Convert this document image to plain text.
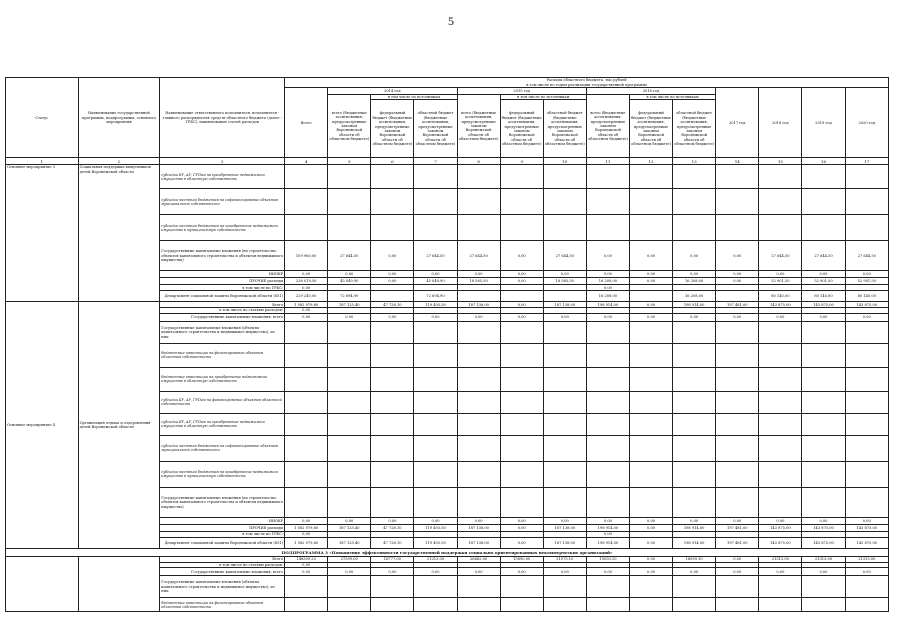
5
Статус	Наименование государственной программы, подпрограммы, основного мероприятия	Наименование ответственного исполнителя, исполнителя - главного распорядителя средств областного бюджета (далее - ГРБС), наименование статей расходов	Расходы областного бюджета, тыс.рублей
в том числе по годам реализации государственной программы													
			Всего	2014 год			2015 год			2016 год			2017 год	2018 год	2019 год	2020 год
				всего (бюджетные ассигнования, предусмотренные законом Воронежской области об областном бюджете)	в том числе по источникам		всего (бюджетные ассигнования, предусмотренные законом Воронежской области об областном бюджете)	в том числе по источникам		всего (бюджетные ассигнования, предусмотренные законом Воронежской области об областном бюджете)	в том числе по источникам					
					федеральный бюджет (бюджетные ассигнования, предусмотренные законом Воронежской области об областном бюджете)	областной бюджет (бюджетные ассигнования, предусмотренные законом Воронежской области об областном бюджете)		федеральный бюджет (бюджетные ассигнования, предусмотренные законом Воронежской области об областном бюджете)	областной бюджет (бюджетные ассигнования, предусмотренные законом Воронежской области об областном бюджете)		федеральный бюджет (бюджетные ассигнования, предусмотренные законом Воронежской области об областном бюджете)	областной бюджет (бюджетные ассигнования, предусмотренные законом Воронежской области об областном бюджете)				
1	2	3	4	5	6	7	8	9	10	11	12	13	14	15	16	17
Основное мероприятие 3	Социальная поддержка выпускников детей Воронежской области	субсидии БУ, АУ, ГУПам на приобретение недвижимого имущества в областную собственность														
		субсидии местным бюджетам на софинансирование объектов муниципальной собственности														
		субсидии местным бюджетам на приобретение недвижимого имущества в муниципальную собственность														
		Государственные капитальные вложения (на строительство объектов капитального строительства и объектов недвижимого имущества)	109 980,00	27 644,50	0,00	27 644,50	27 644,50	0,00	27 644,50	0,00	0,00	0,00	0,00	27 644,50	27 644,50	27 644,50
		НИОКР	0,00	0,00	0,00	0,00	0,00	0,00	0,00	0,00	0,00	0,00	0,00	0,00	0,00	0,00
		ПРОЧИЕ расходы	236 019,50	45 049,90	0,00	45 049,90	18 565,50	0,00	18 565,50	16 208,00	0,00	16 208,00	0,00	52 901,50	52 901,50	52 901,50
		в том числе по ГРБС:	0,00							0,00						
		Департамент социальной защиты Воронежской области (851)	229 240,00	72 694,90		72 694,90				16 208,00		16 208,00		80 140,00	80 140,00	80 140,00
Основное мероприятие 4	Организация отдыха и оздоровления детей Воронежской области	Всего	1 582 979,60	187 125,40	47 728,10	119 493,50	187 138,00	0,00	187 138,00	198 914,00	0,00	198 914,00	197 481,00	143 875,00	143 875,00	143 875,00
		в том числе по статьям расходов:	0,00													
		Государственные капитальные вложения, всего	0,00	0,00	0,00	0,00	0,00	0,00	0,00	0,00	0,00	0,00	0,00	0,00	0,00	0,00
		Государственные капитальные вложения (объекты капитального строительства и недвижимое имущество), из них:														
		бюджетные инвестиции на финансирование объектов областной собственности														
		бюджетные инвестиции на приобретение недвижимого имущества в областную собственность														
		субсидии БУ, АУ, ГУПам на финансирование объектов областной собственности														
		субсидии БУ, АУ, ГУПам на приобретение недвижимого имущества в областную собственность														
		субсидии местным бюджетам на софинансирование объектов муниципальной собственности														
		субсидии местным бюджетам на приобретение недвижимого имущества в муниципальную собственность														
		Государственные капитальные вложения (на строительство объектов капитального строительства и объектов недвижимого имущества)														
		НИОКР	0,00	0,00	0,00	0,00	0,00	0,00	0,00	0,00	0,00	0,00	0,00	0,00	0,00	0,00
		ПРОЧИЕ расходы	1 582 979,60	187 125,40	47 728,10	119 493,50	187 138,00	0,00	187 138,00	198 914,00	0,00	198 914,00	197 481,00	143 875,00	143 875,00	143 875,00
		в том числе по ГРБС:	0,00							0,00						
		Департамент социальной защиты Воронежской области (851)	1 582 979,60	187 125,40	47 728,10	119 493,50	187 138,00	0,00	187 138,00	198 914,00	0,00	198 914,00	197 481,00	143 875,00	143 875,00	143 875,00
ПОДПРОГРАММА 3 «Повышение эффективности государственной поддержки социально ориентированных некоммерческих организаций»																
		Всего	148309,20	27599,00	16777,00	21213,00	26662,00	15890,00	21075,10	19593,10	0,00	18599,10	0,00	21313,00	21313,00	21313,00
		в том числе по статьям расходов:	0,00													
		Государственные капитальные вложения, всего	0,00	0,00	0,00	0,00	0,00	0,00	0,00	0,00	0,00	0,00	0,00	0,00	0,00	0,00
		Государственные капитальные вложения (объекты капитального строительства и недвижимое имущество), из них:														
		бюджетные инвестиции на финансирование объектов областной собственности														
